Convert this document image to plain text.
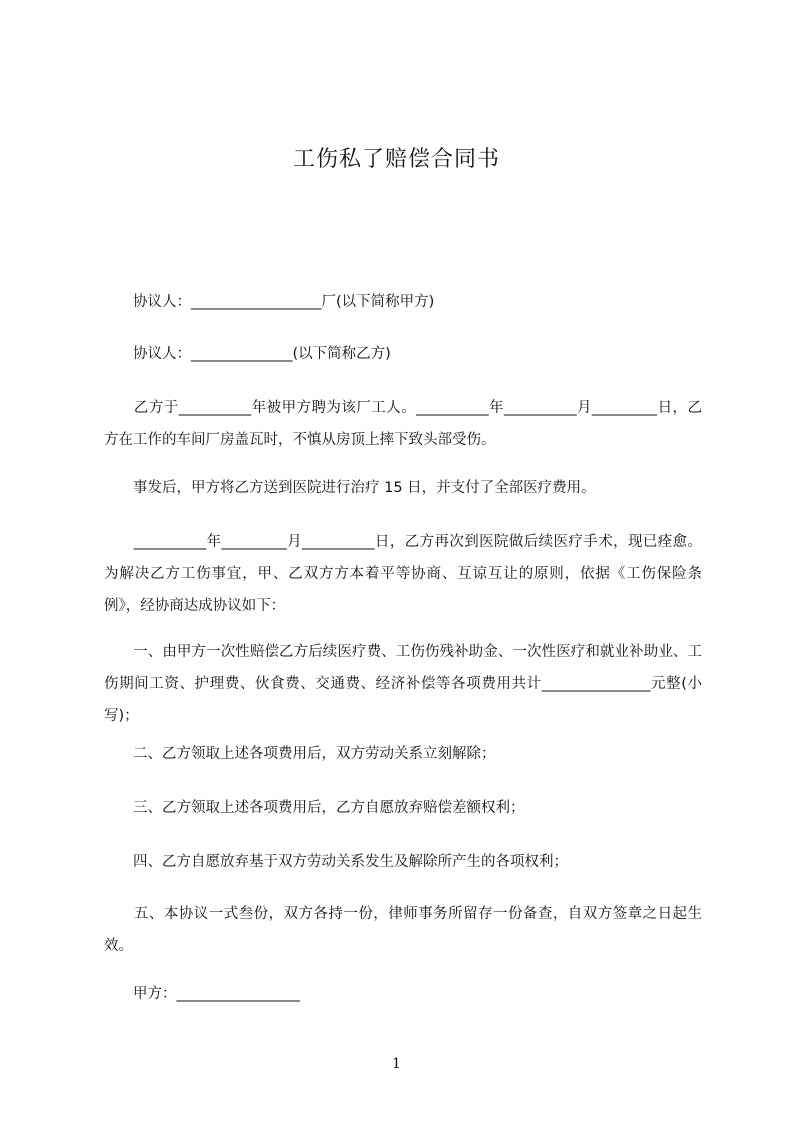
工伤私了赔偿合同书
　　协议人：__________________厂(以下简称甲方)
　　协议人：______________(以下简称乙方)
　　乙方于__________年被甲方聘为该厂工人。__________年__________月_________日，乙方在工作的车间厂房盖瓦时，不慎从房顶上摔下致头部受伤。
　　事发后，甲方将乙方送到医院进行治疗 15 日，并支付了全部医疗费用。
　　__________年_________月__________日，乙方再次到医院做后续医疗手术，现已痊愈。为解决乙方工伤事宜，甲、乙双方方本着平等协商、互谅互让的原则，依据《工伤保险条例》，经协商达成协议如下：
　　一、由甲方一次性赔偿乙方后续医疗费、工伤伤残补助金、一次性医疗和就业补助业、工伤期间工资、护理费、伙食费、交通费、经济补偿等各项费用共计_______________元整(小写)；
　　二、乙方领取上述各项费用后，双方劳动关系立刻解除；
　　三、乙方领取上述各项费用后，乙方自愿放弃赔偿差额权利；
　　四、乙方自愿放弃基于双方劳动关系发生及解除所产生的各项权利；
　　五、本协议一式叁份，双方各持一份，律师事务所留存一份备查，自双方签章之日起生效。
　　甲方：_________________
1
